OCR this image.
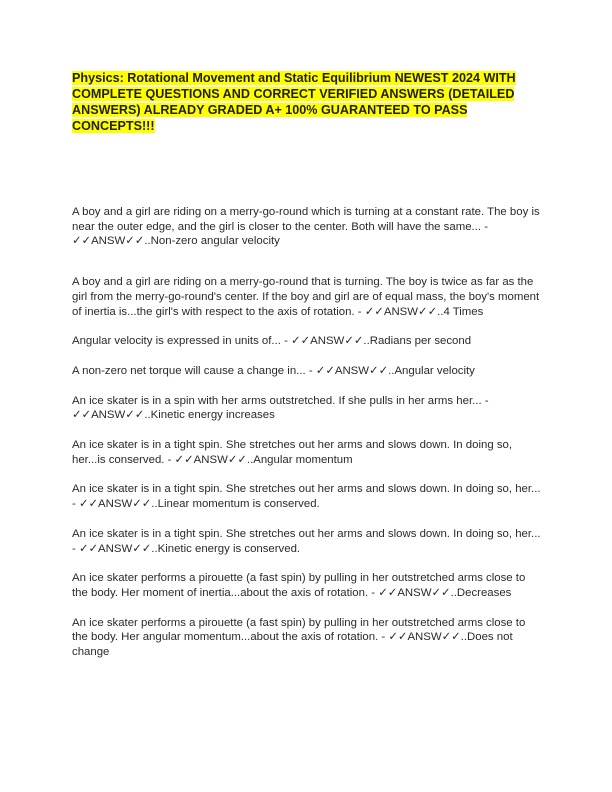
Physics: Rotational Movement and Static Equilibrium NEWEST 2024 WITH COMPLETE QUESTIONS AND CORRECT VERIFIED ANSWERS (DETAILED ANSWERS) ALREADY GRADED A+ 100% GUARANTEED TO PASS CONCEPTS!!!

A boy and a girl are riding on a merry-go-round which is turning at a constant rate. The boy is near the outer edge, and the girl is closer to the center. Both will have the same... - ✓✓ANSW✓✓..Non-zero angular velocity

A boy and a girl are riding on a merry-go-round that is turning. The boy is twice as far as the girl from the merry-go-round's center. If the boy and girl are of equal mass, the boy's moment of inertia is...the girl's with respect to the axis of rotation. - ✓✓ANSW✓✓..4 Times

Angular velocity is expressed in units of... - ✓✓ANSW✓✓..Radians per second

A non-zero net torque will cause a change in... - ✓✓ANSW✓✓..Angular velocity

An ice skater is in a spin with her arms outstretched. If she pulls in her arms her... - ✓✓ANSW✓✓..Kinetic energy increases

An ice skater is in a tight spin. She stretches out her arms and slows down. In doing so, her...is conserved. - ✓✓ANSW✓✓..Angular momentum

An ice skater is in a tight spin. She stretches out her arms and slows down. In doing so, her... - ✓✓ANSW✓✓..Linear momentum is conserved.

An ice skater is in a tight spin. She stretches out her arms and slows down. In doing so, her... - ✓✓ANSW✓✓..Kinetic energy is conserved.

An ice skater performs a pirouette (a fast spin) by pulling in her outstretched arms close to the body. Her moment of inertia...about the axis of rotation. - ✓✓ANSW✓✓..Decreases

An ice skater performs a pirouette (a fast spin) by pulling in her outstretched arms close to the body. Her angular momentum...about the axis of rotation. - ✓✓ANSW✓✓..Does not change
